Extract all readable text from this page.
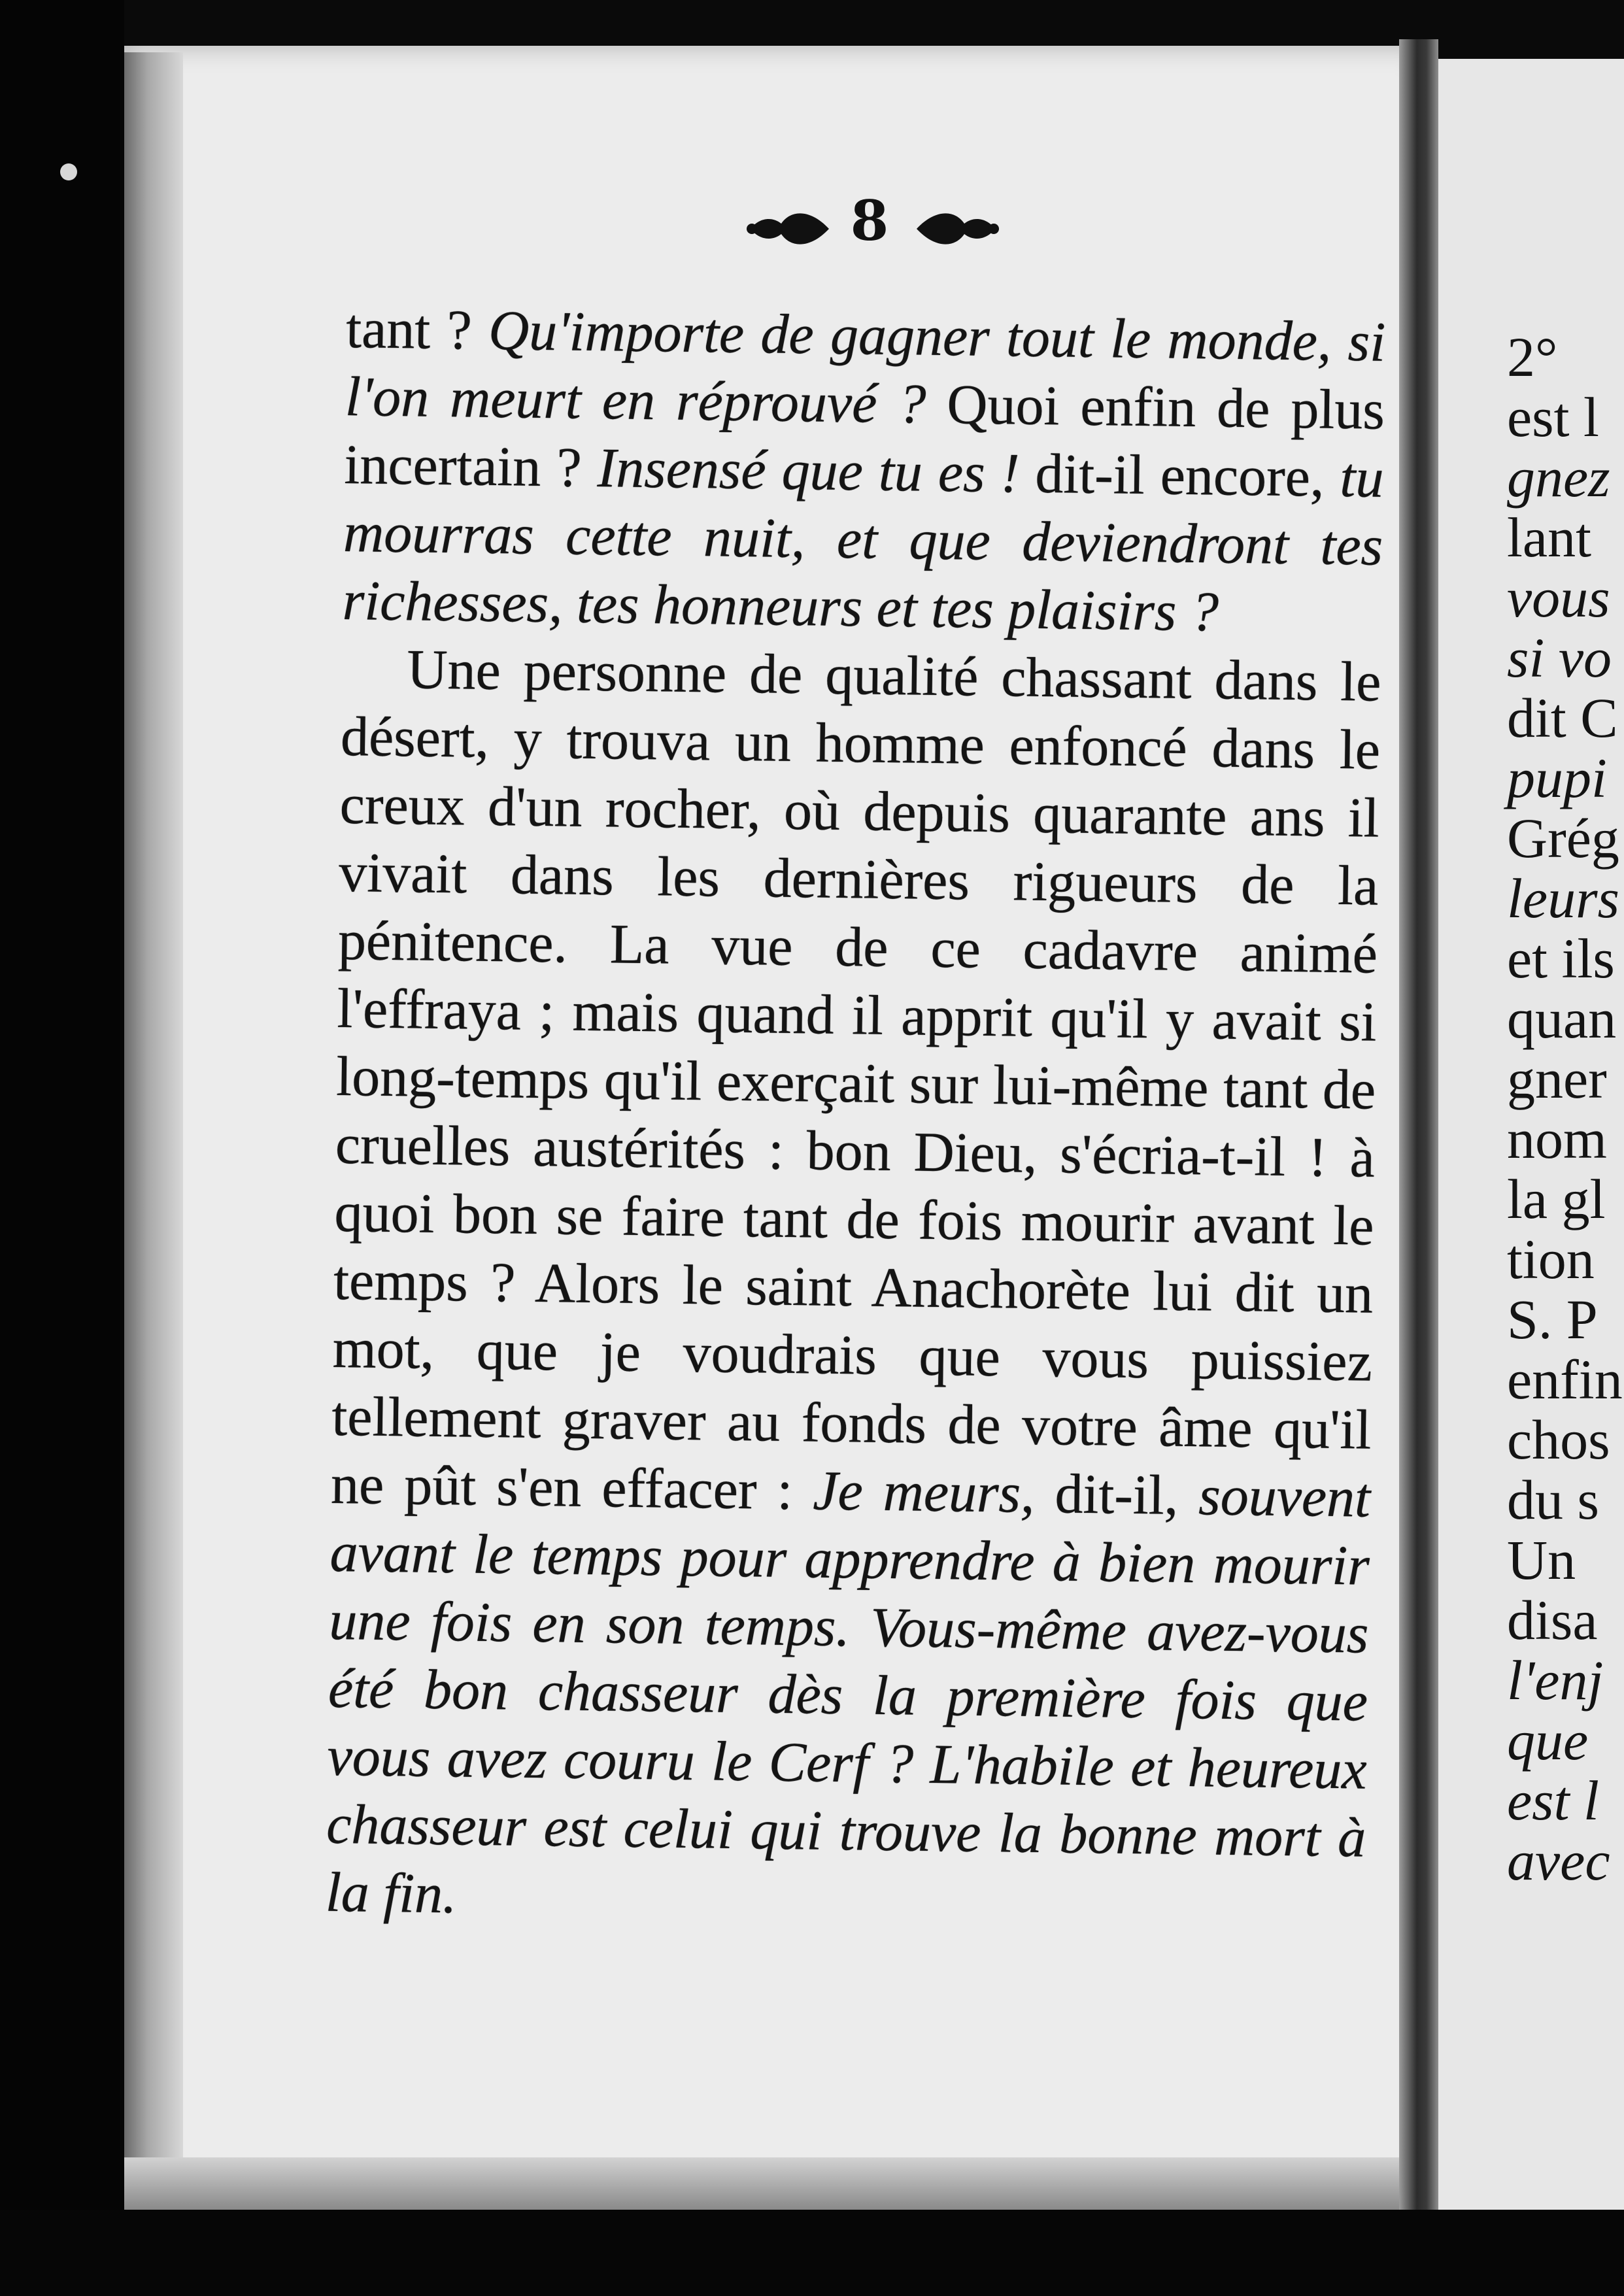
8

tant ? Qu'importe de gagner tout le monde, si l'on meurt en réprouvé ? Quoi enfin de plus incertain ? Insensé que tu es ! dit-il encore, tu mourras cette nuit, et que deviendront tes richesses, tes honneurs et tes plaisirs ?

Une personne de qualité chassant dans le désert, y trouva un homme enfoncé dans le creux d'un rocher, où depuis quarante ans il vivait dans les dernières rigueurs de la pénitence. La vue de ce cadavre animé l'effraya ; mais quand il apprit qu'il y avait si long-temps qu'il exerçait sur lui-même tant de cruelles austérités : bon Dieu, s'écria-t-il ! à quoi bon se faire tant de fois mourir avant le temps ? Alors le saint Anachorète lui dit un mot, que je voudrais que vous puissiez tellement graver au fonds de votre âme qu'il ne pût s'en effacer : Je meurs, dit-il, souvent avant le temps pour apprendre à bien mourir une fois en son temps. Vous-même avez-vous été bon chasseur dès la première fois que vous avez couru le Cerf ? L'habile et heureux chasseur est celui qui trouve la bonne mort à la fin.

2°
est l
gnez
lant
vous
si vo
dit C
pupi
Grég
leurs
et ils
quan
gner
nom
la gl
tion
S. P
enfin
chos
du s
Un
disa
l'enj
que
est l
avec
